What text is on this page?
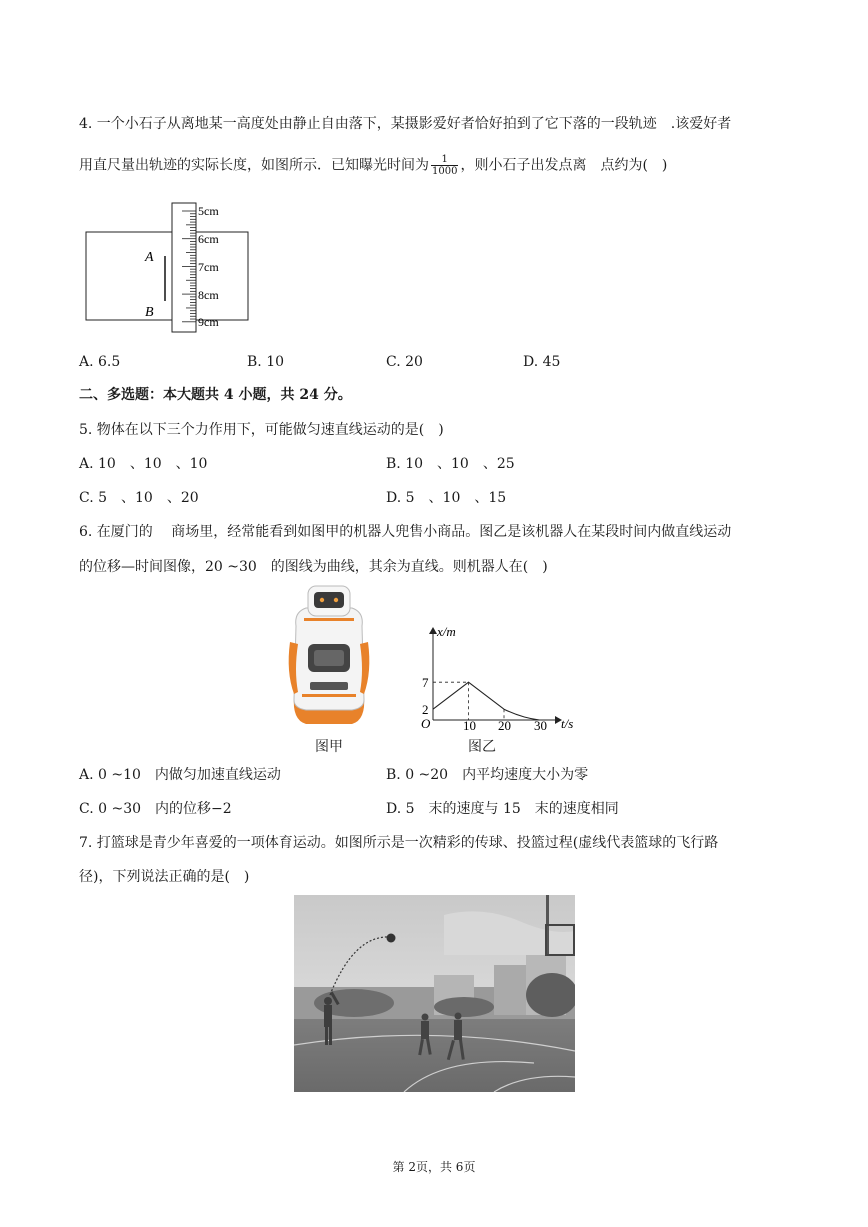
4. 一个小石子从离地某一高度处由静止自由落下，某摄影爱好者恰好拍到了它下落的一段轨迹　.该爱好者
用直尺量出轨迹的实际长度，如图所示．已知曝光时间为 $\frac{1}{1000}$ ，则小石子出发点离　点约为(　)
A
B
5cm
6cm
7cm
8cm
9cm
A. 6.5	B. 10	C. 20	D. 45
二、多选题：本大题共 4 小题，共 24 分。
5. 物体在以下三个力作用下，可能做匀速直线运动的是(　)
A. 10　、10　、10	B. 10　、10　、25
C. 5　、10　、20	D. 5　、10　、15
6. 在厦门的　 商场里，经常能看到如图甲的机器人兜售小商品。图乙是该机器人在某段时间内做直线运动
的位移—时间图像，20 ~30　的图线为曲线，其余为直线。则机器人在(　)
图甲
x/m
t/s
O
2
7
10 20 30
图乙
A. 0 ~10　内做匀加速直线运动	B. 0 ~20　内平均速度大小为零
C. 0 ~30　内的位移−2	D. 5　末的速度与 15　末的速度相同
7. 打篮球是青少年喜爱的一项体育运动。如图所示是一次精彩的传球、投篮过程(虚线代表篮球的飞行路
径)，下列说法正确的是(　)
第 2页，共 6页
